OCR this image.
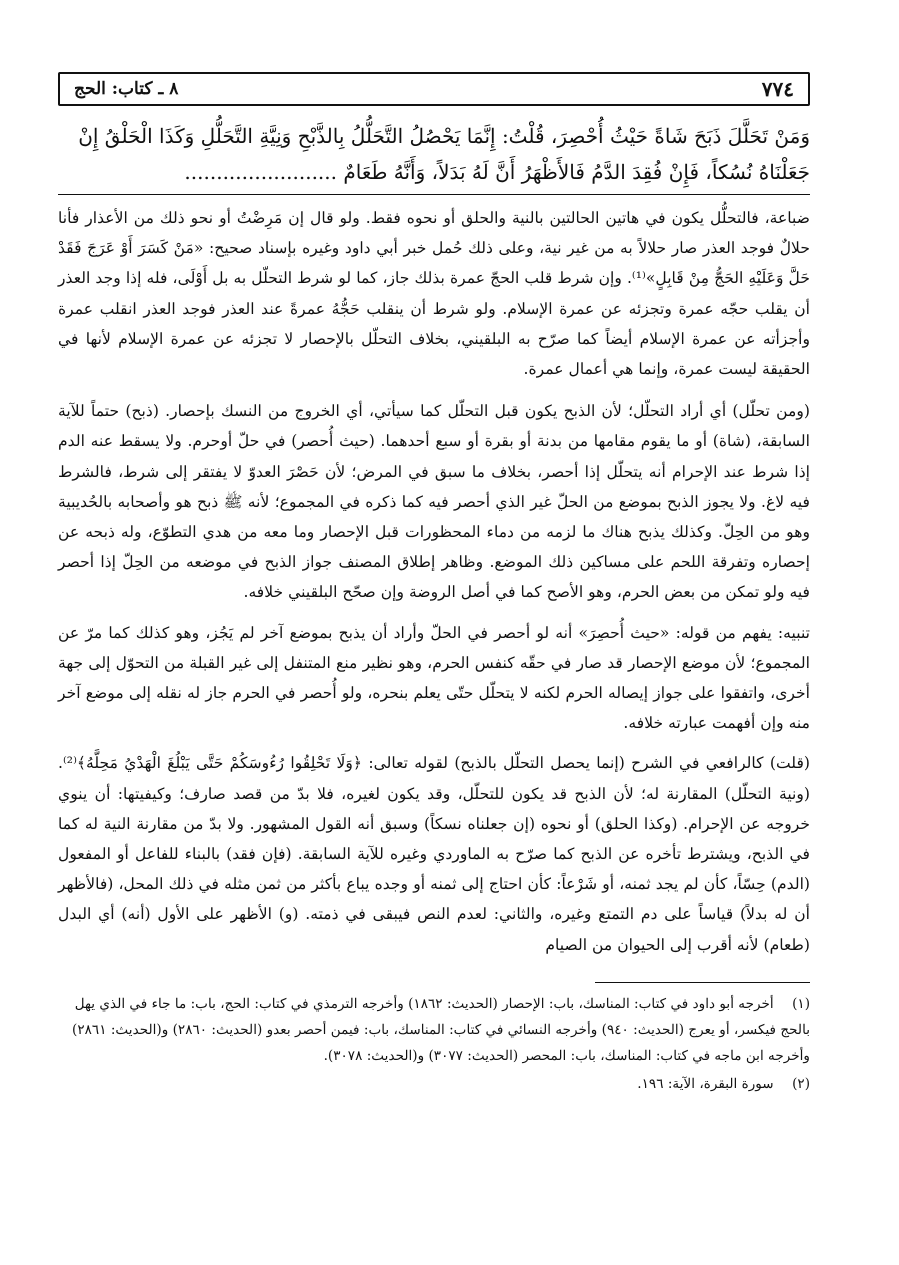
٧٧٤
٨ ـ كتاب: الحج
وَمَنْ تَحَلَّلَ ذَبَحَ شَاةً حَيْثُ أُحْصِرَ، قُلْتُ: إِنَّمَا يَحْصُلُ التَّحَلُّلُ بِالذَّبْحِ وَنِيَّةِ التَّحَلُّلِ وَكَذَا الْحَلْقُ إِنْ
جَعَلْنَاهُ نُسُكاً، فَإِنْ فُقِدَ الدَّمُ فَالأَظْهَرُ أَنَّ لَهُ بَدَلاً، وَأَنَّهُ طَعَامٌ ........................

ضباعة، فالتحلُّل يكون في هاتين الحالتين بالنية والحلق أو نحوه فقط. ولو قال إن مَرِضْتُ أو نحو ذلك من الأعذار فأنا حلالٌ فوجد العذر صار حلالاً به من غير نية، وعلى ذلك حُمل خبر أبي داود وغيره بإسناد صحيح: «مَنْ كَسَرَ أَوْ عَرَجَ فَقَدْ حَلَّ وَعَلَيْهِ الحَجُّ مِنْ قَابِلٍ»⁽¹⁾. وإن شرط قلب الحجّ عمرة بذلك جاز، كما لو شرط التحلّل به بل أَوْلَى، فله إذا وجد العذر أن يقلب حجّه عمرة وتجزئه عن عمرة الإسلام. ولو شرط أن ينقلب حَجُّهُ عمرةً عند العذر فوجد العذر انقلب عمرة وأجزأته عن عمرة الإسلام أيضاً كما صرّح به البلقيني، بخلاف التحلّل بالإحصار لا تجزئه عن عمرة الإسلام لأنها في الحقيقة ليست عمرة، وإنما هي أعمال عمرة.

(ومن تحلّل) أي أراد التحلّل؛ لأن الذبح يكون قبل التحلّل كما سيأتي، أي الخروج من النسك بإحصار. (ذبح) حتماً للآية السابقة، (شاة) أو ما يقوم مقامها من بدنة أو بقرة أو سبع أحدهما. (حيث أُحصر) في حلّ أوحرم. ولا يسقط عنه الدم إذا شرط عند الإحرام أنه يتحلّل إذا أحصر، بخلاف ما سبق في المرض؛ لأن حَصْرَ العدوّ لا يفتقر إلى شرط، فالشرط فيه لاغ. ولا يجوز الذبح بموضع من الحلّ غير الذي أحصر فيه كما ذكره في المجموع؛ لأنه ﷺ ذبح هو وأصحابه بالحُديبية وهو من الحِلّ. وكذلك يذبح هناك ما لزمه من دماء المحظورات قبل الإحصار وما معه من هدي التطوّع، وله ذبحه عن إحصاره وتفرقة اللحم على مساكين ذلك الموضع. وظاهر إطلاق المصنف جواز الذبح في موضعه من الحِلّ إذا أحصر فيه ولو تمكن من بعض الحرم، وهو الأصح كما في أصل الروضة وإن صحّح البلقيني خلافه.

تنبيه: يفهم من قوله: «حيث أُحصِرَ» أنه لو أحصر في الحلّ وأراد أن يذبح بموضع آخر لم يَجُز، وهو كذلك كما مرّ عن المجموع؛ لأن موضع الإحصار قد صار في حقّه كنفس الحرم، وهو نظير منع المتنفل إلى غير القبلة من التحوّل إلى جهة أخرى، واتفقوا على جواز إيصاله الحرم لكنه لا يتحلّل حتّى يعلم بنحره، ولو أُحصر في الحرم جاز له نقله إلى موضع آخر منه وإن أفهمت عبارته خلافه.

(قلت) كالرافعي في الشرح (إنما يحصل التحلّل بالذبح) لقوله تعالى: ﴿وَلَا تَحْلِقُوا رُءُوسَكُمْ حَتَّى يَبْلُغَ الْهَدْيُ مَحِلَّهُ﴾⁽²⁾. (ونية التحلّل) المقارنة له؛ لأن الذبح قد يكون للتحلّل، وقد يكون لغيره، فلا بدّ من قصد صارف؛ وكيفيتها: أن ينوي خروجه عن الإحرام. (وكذا الحلق) أو نحوه (إن جعلناه نسكاً) وسبق أنه القول المشهور. ولا بدّ من مقارنة النية له كما في الذبح، ويشترط تأخره عن الذبح كما صرّح به الماوردي وغيره للآية السابقة. (فإن فقد) بالبناء للفاعل أو المفعول (الدم) حِسّاً، كأن لم يجد ثمنه، أو شَرْعاً: كأن احتاج إلى ثمنه أو وجده يباع بأكثر من ثمن مثله في ذلك المحل، (فالأظهر أن له بدلاً) قياساً على دم التمتع وغيره، والثاني: لعدم النص فيبقى في ذمته. (و) الأظهر على الأول (أنه) أي البدل (طعام) لأنه أقرب إلى الحيوان من الصيام

(١) أخرجه أبو داود في كتاب: المناسك، باب: الإحصار (الحديث: ١٨٦٢) وأخرجه الترمذي في كتاب: الحج، باب: ما جاء في الذي يهل بالحج فيكسر، أو يعرج (الحديث: ٩٤٠) وأخرجه النسائي في كتاب: المناسك، باب: فيمن أحصر بعدو (الحديث: ٢٨٦٠) و(الحديث: ٢٨٦١) وأخرجه ابن ماجه في كتاب: المناسك، باب: المحصر (الحديث: ٣٠٧٧) و(الحديث: ٣٠٧٨).
(٢) سورة البقرة، الآية: ١٩٦.
